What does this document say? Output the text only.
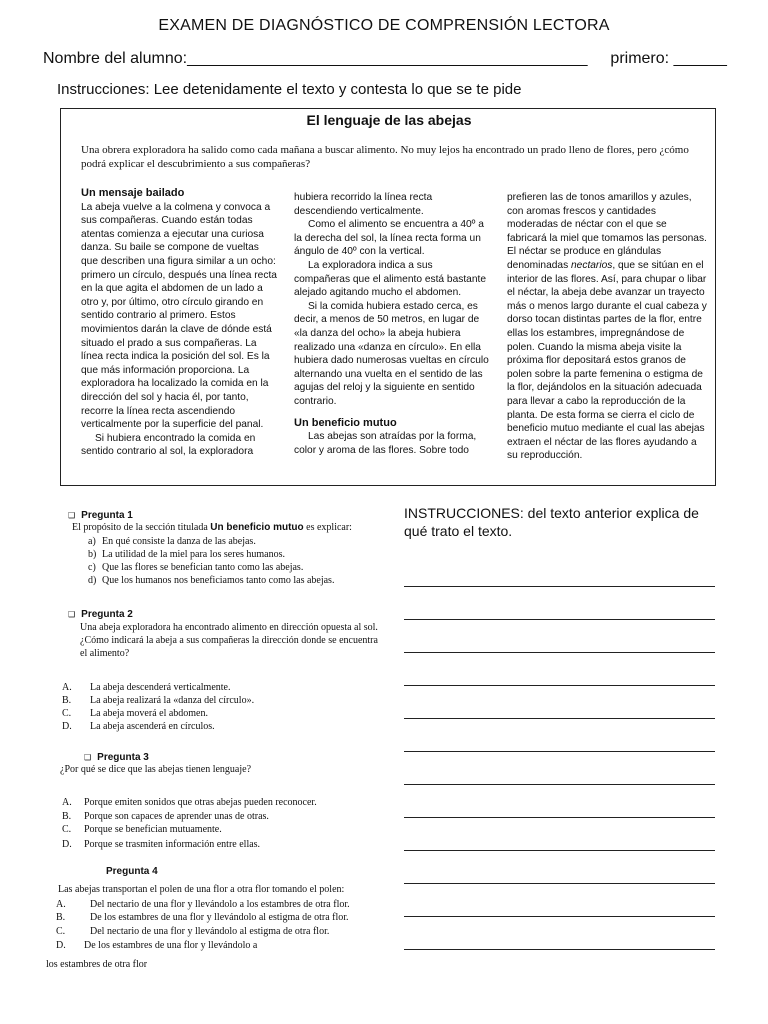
EXAMEN DE DIAGNÓSTICO DE COMPRENSIÓN LECTORA
Nombre del alumno:_____________________________________________ primero: ______
Instrucciones: Lee detenidamente el texto y contesta lo que se te pide
El lenguaje de las abejas
Una obrera exploradora ha salido como cada mañana a buscar alimento. No muy lejos ha encontrado un prado lleno de flores, pero ¿cómo podrá explicar el descubrimiento a sus compañeras?

Un mensaje bailado

La abeja vuelve a la colmena y convoca a sus compañeras. Cuando están todas atentas comienza a ejecutar una curiosa danza. Su baile se compone de vueltas que describen una figura similar a un ocho: primero un círculo, después una línea recta en la que agita el abdomen de un lado a otro y, por último, otro círculo girando en sentido contrario al primero. Estos movimientos darán la clave de dónde está situado el prado a sus compañeras. La línea recta indica la posición del sol. Es la que más información proporciona. La exploradora ha localizado la comida en la dirección del sol y hacia él, por tanto, recorre la línea recta ascendiendo verticalmente por la superficie del panal.

Si hubiera encontrado la comida en sentido contrario al sol, la exploradora

hubiera recorrido la línea recta descendiendo verticalmente.

Como el alimento se encuentra a 40º a la derecha del sol, la línea recta forma un ángulo de 40º con la vertical.

La exploradora indica a sus compañeras que el alimento está bastante alejado agitando mucho el abdomen.

Si la comida hubiera estado cerca, es decir, a menos de 50 metros, en lugar de «la danza del ocho» la abeja hubiera realizado una «danza en círculo». En ella hubiera dado numerosas vueltas en círculo alternando una vuelta en el sentido de las agujas del reloj y la siguiente en sentido contrario.

Un beneficio mutuo

Las abejas son atraídas por la forma, color y aroma de las flores. Sobre todo

prefieren las de tonos amarillos y azules, con aromas frescos y cantidades moderadas de néctar con el que se fabricará la miel que tomamos las personas. El néctar se produce en glándulas denominadas nectarios, que se sitúan en el interior de las flores. Así, para chupar o libar el néctar, la abeja debe avanzar un trayecto más o menos largo durante el cual cabeza y dorso tocan distintas partes de la flor, entre ellas los estambres, impregnándose de polen. Cuando la misma abeja visite la próxima flor depositará estos granos de polen sobre la parte femenina o estigma de la flor, dejándolos en la situación adecuada para llevar a cabo la reproducción de la planta. De esta forma se cierra el ciclo de beneficio mutuo mediante el cual las abejas extraen el néctar de las flores ayudando a su reproducción.

❑ Pregunta 1
El propósito de la sección titulada Un beneficio mutuo es explicar:
a) En qué consiste la danza de las abejas.
b) La utilidad de la miel para los seres humanos.
c) Que las flores se benefician tanto como las abejas.
d) Que los humanos nos beneficiamos tanto como las abejas.
❑ Pregunta 2
Una abeja exploradora ha encontrado alimento en dirección opuesta al sol. ¿Cómo indicará la abeja a sus compañeras la dirección donde se encuentra el alimento?
A. La abeja descenderá verticalmente.
B. La abeja realizará la «danza del círculo».
C. La abeja moverá el abdomen.
D. La abeja ascenderá en círculos.
❑ Pregunta 3
¿Por qué se dice que las abejas tienen lenguaje?
A. Porque emiten sonidos que otras abejas pueden reconocer.
B. Porque son capaces de aprender unas de otras.
C. Porque se benefician mutuamente.
D. Porque se trasmiten información entre ellas.
Pregunta 4
Las abejas transportan el polen de una flor a otra flor tomando el polen:
A. Del nectario de una flor y llevándolo a los estambres de otra flor.
B. De los estambres de una flor y llevándolo al estigma de otra flor.
C. Del nectario de una flor y llevándolo al estigma de otra flor.
D. De los estambres de una flor y llevándolo a
los estambres de otra flor
INSTRUCCIONES: del texto anterior explica de qué trato el texto.
